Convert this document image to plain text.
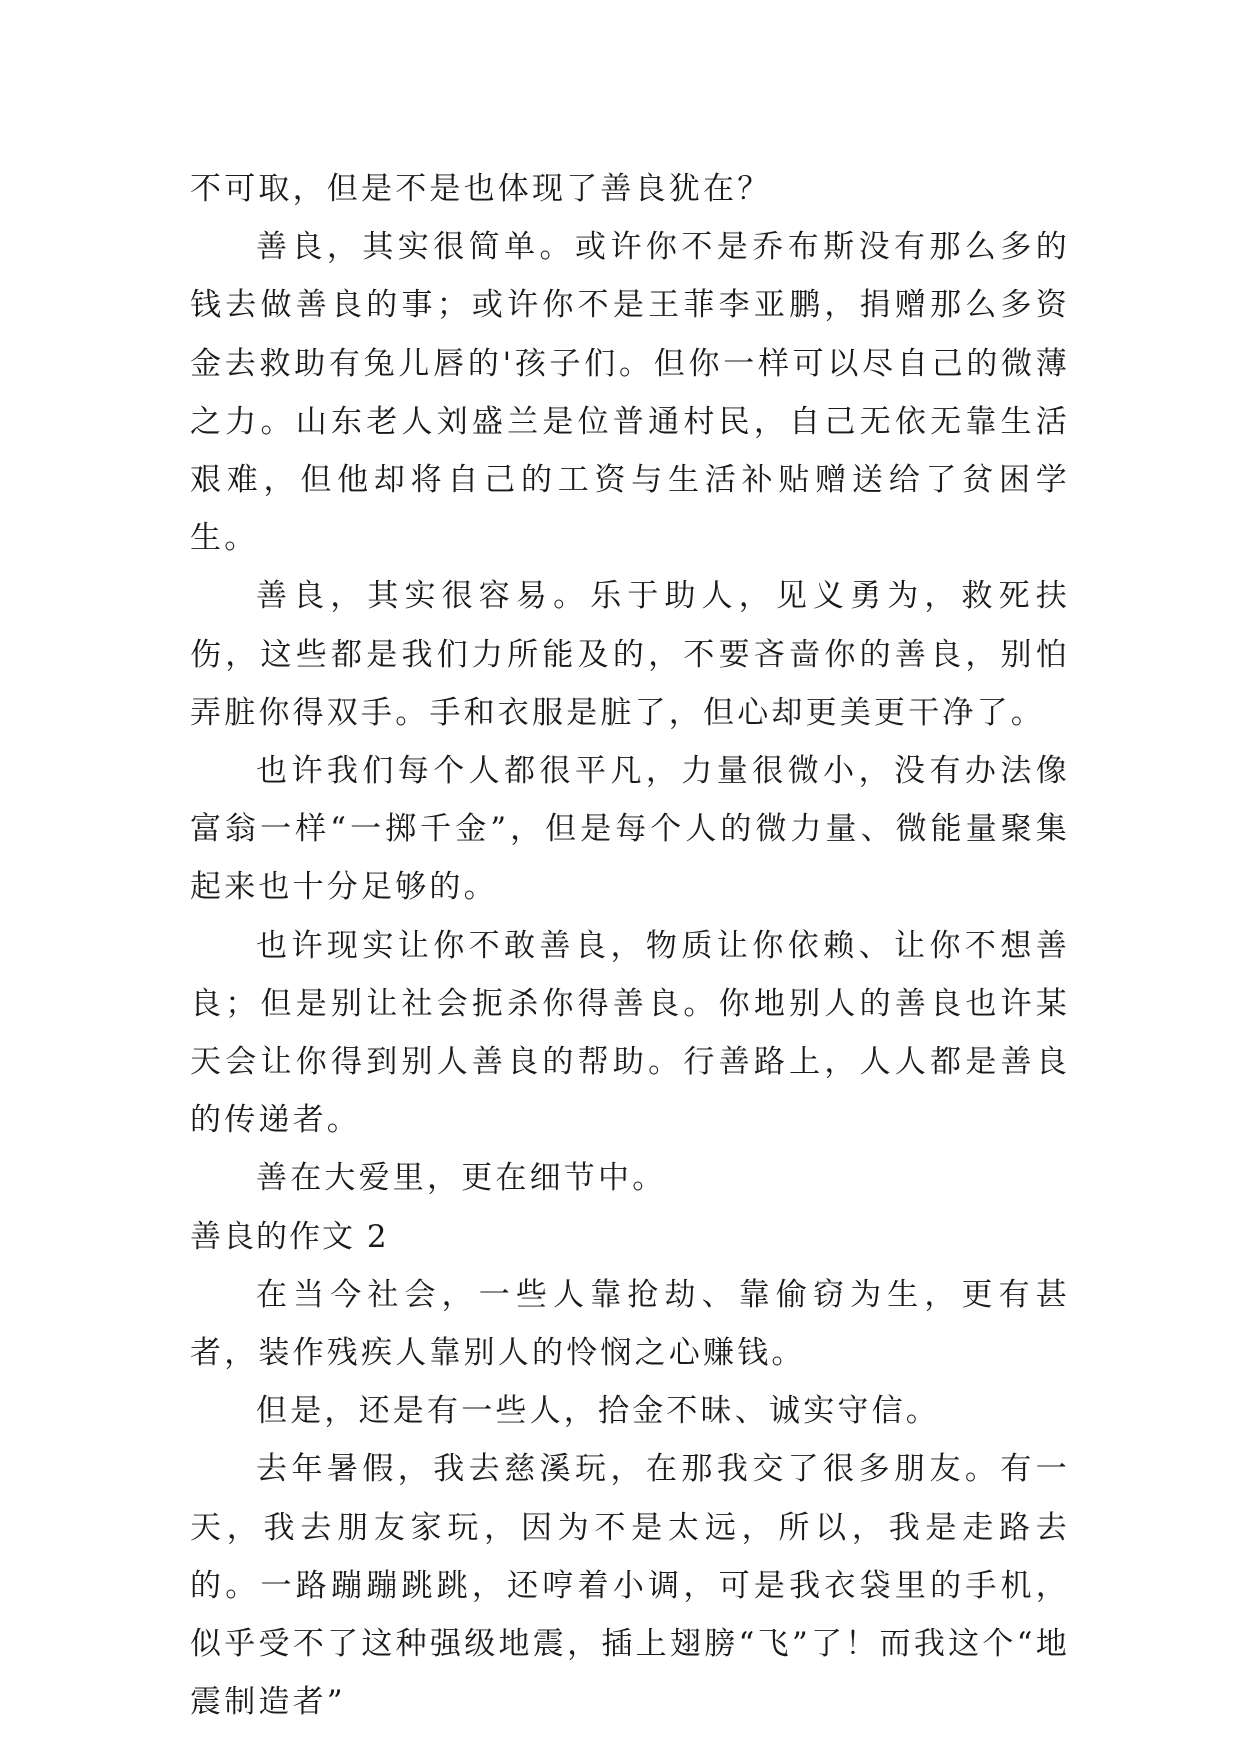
不可取，但是不是也体现了善良犹在？

善良，其实很简单。或许你不是乔布斯没有那么多的钱去做善良的事；或许你不是王菲李亚鹏，捐赠那么多资金去救助有兔儿唇的'孩子们。但你一样可以尽自己的微薄之力。山东老人刘盛兰是位普通村民，自己无依无靠生活艰难，但他却将自己的工资与生活补贴赠送给了贫困学生。

善良，其实很容易。乐于助人，见义勇为，救死扶伤，这些都是我们力所能及的，不要吝啬你的善良，别怕弄脏你得双手。手和衣服是脏了，但心却更美更干净了。

也许我们每个人都很平凡，力量很微小，没有办法像富翁一样“一掷千金”，但是每个人的微力量、微能量聚集起来也十分足够的。

也许现实让你不敢善良，物质让你依赖、让你不想善良；但是别让社会扼杀你得善良。你地别人的善良也许某天会让你得到别人善良的帮助。行善路上，人人都是善良的传递者。

善在大爱里，更在细节中。

善良的作文 2

在当今社会，一些人靠抢劫、靠偷窃为生，更有甚者，装作残疾人靠别人的怜悯之心赚钱。

但是，还是有一些人，拾金不昧、诚实守信。

去年暑假，我去慈溪玩，在那我交了很多朋友。有一天，我去朋友家玩，因为不是太远，所以，我是走路去的。一路蹦蹦跳跳，还哼着小调，可是我衣袋里的手机，似乎受不了这种强级地震，插上翅膀“飞”了！而我这个“地震制造者”
